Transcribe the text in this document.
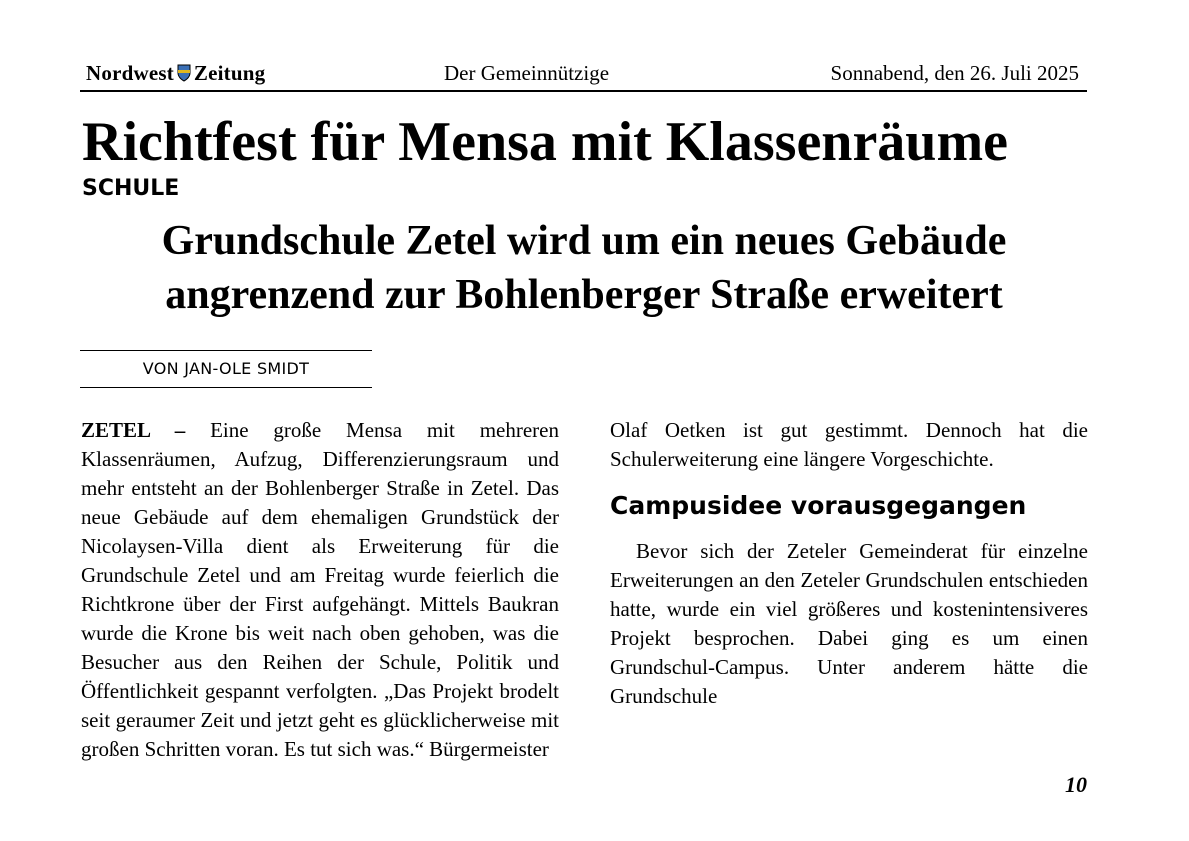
Nordwest Zeitung	Der Gemeinnützige	Sonnabend, den 26. Juli 2025
Richtfest für Mensa mit Klassenräume
SCHULE
Grundschule Zetel wird um ein neues Gebäude angrenzend zur Bohlenberger Straße erweitert
VON JAN-OLE SMIDT

ZETEL – Eine große Mensa mit mehreren Klassenräumen, Aufzug, Differenzierungsraum und mehr entsteht an der Bohlenberger Straße in Zetel. Das neue Gebäude auf dem ehemaligen Grundstück der Nicolaysen-Villa dient als Erweiterung für die Grundschule Zetel und am Freitag wurde feierlich die Richtkrone über der First aufgehängt. Mittels Baukran wurde die Krone bis weit nach oben gehoben, was die Besucher aus den Reihen der Schule, Politik und Öffentlichkeit gespannt verfolgten. „Das Projekt brodelt seit geraumer Zeit und jetzt geht es glücklicherweise mit großen Schritten voran. Es tut sich was.“ Bürgermeister

Olaf Oetken ist gut gestimmt. Dennoch hat die Schulerweiterung eine längere Vorgeschichte.

Campusidee vorausgegangen

Bevor sich der Zeteler Gemeinderat für einzelne Erweiterungen an den Zeteler Grundschulen entschieden hatte, wurde ein viel größeres und kostenintensiveres Projekt besprochen. Dabei ging es um einen Grundschul-Campus. Unter anderem hätte die Grundschule

10
